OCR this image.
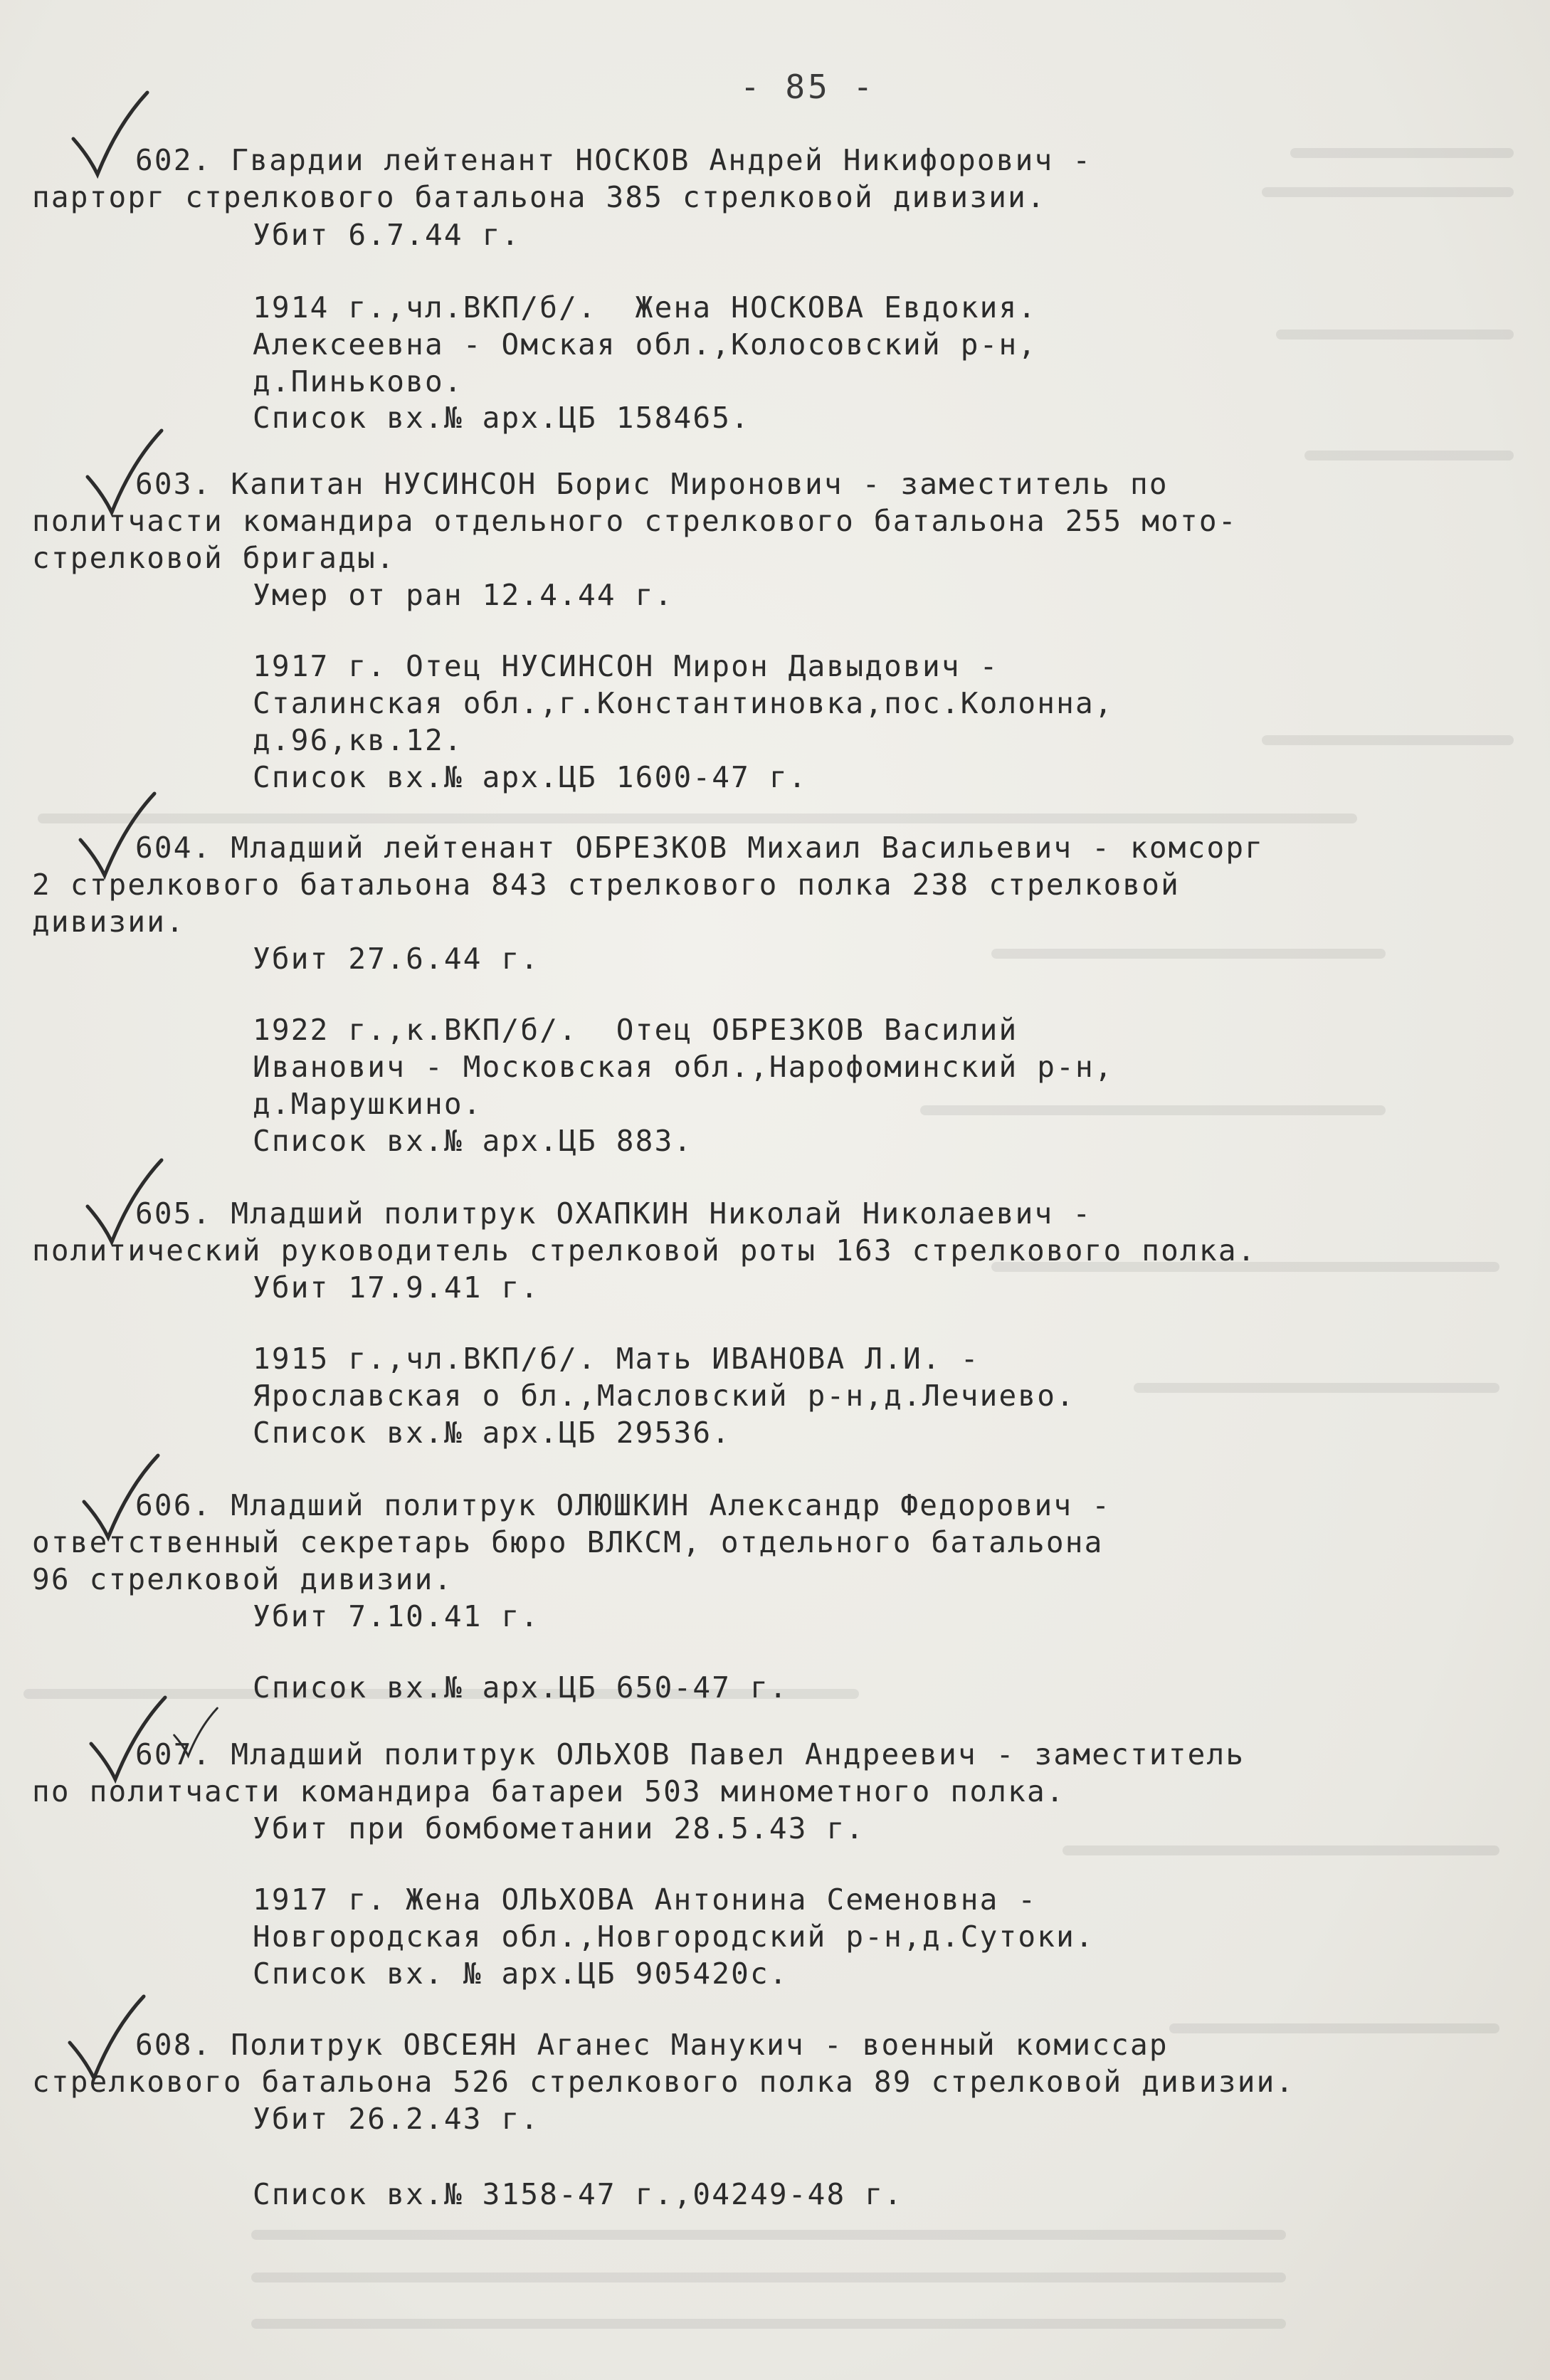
- 85 -
602. Гвардии лейтенант НОСКОВ Андрей Никифорович -
парторг стрелкового батальона 385 стрелковой дивизии.
Убит 6.7.44 г.
1914 г.,чл.ВКП/б/.  Жена НОСКОВА Евдокия.
Алексеевна - Омская обл.,Колосовский р-н,
д.Пиньково.
Список вх.№ арх.ЦБ 158465.
603. Капитан НУСИНСОН Борис Миронович - заместитель по
политчасти командира отдельного стрелкового батальона 255 мото-
стрелковой бригады.
Умер от ран 12.4.44 г.
1917 г. Отец НУСИНСОН Мирон Давыдович -
Сталинская обл.,г.Константиновка,пос.Колонна,
д.96,кв.12.
Список вх.№ арх.ЦБ 1600-47 г.
604. Младший лейтенант ОБРЕЗКОВ Михаил Васильевич - комсорг
2 стрелкового батальона 843 стрелкового полка 238 стрелковой
дивизии.
Убит 27.6.44 г.
1922 г.,к.ВКП/б/.  Отец ОБРЕЗКОВ Василий
Иванович - Московская обл.,Нарофоминский р-н,
д.Марушкино.
Список вх.№ арх.ЦБ 883.
605. Младший политрук ОХАПКИН Николай Николаевич -
политический руководитель стрелковой роты 163 стрелкового полка.
Убит 17.9.41 г.
1915 г.,чл.ВКП/б/. Мать ИВАНОВА Л.И. -
Ярославская о бл.,Масловский р-н,д.Лечиево.
Список вх.№ арх.ЦБ 29536.
606. Младший политрук ОЛЮШКИН Александр Федорович -
ответственный секретарь бюро ВЛКСМ, отдельного батальона
96 стрелковой дивизии.
Убит 7.10.41 г.
Список вх.№ арх.ЦБ 650-47 г.
607. Младший политрук ОЛЬХОВ Павел Андреевич - заместитель
по политчасти командира батареи 503 минометного полка.
Убит при бомбометании 28.5.43 г.
1917 г. Жена ОЛЬХОВА Антонина Семеновна -
Новгородская обл.,Новгородский р-н,д.Сутоки.
Список вх. № арх.ЦБ 905420с.
608. Политрук ОВСЕЯН Аганес Манукич - военный комиссар
стрелкового батальона 526 стрелкового полка 89 стрелковой дивизии.
Убит 26.2.43 г.
Список вх.№ 3158-47 г.,04249-48 г.
